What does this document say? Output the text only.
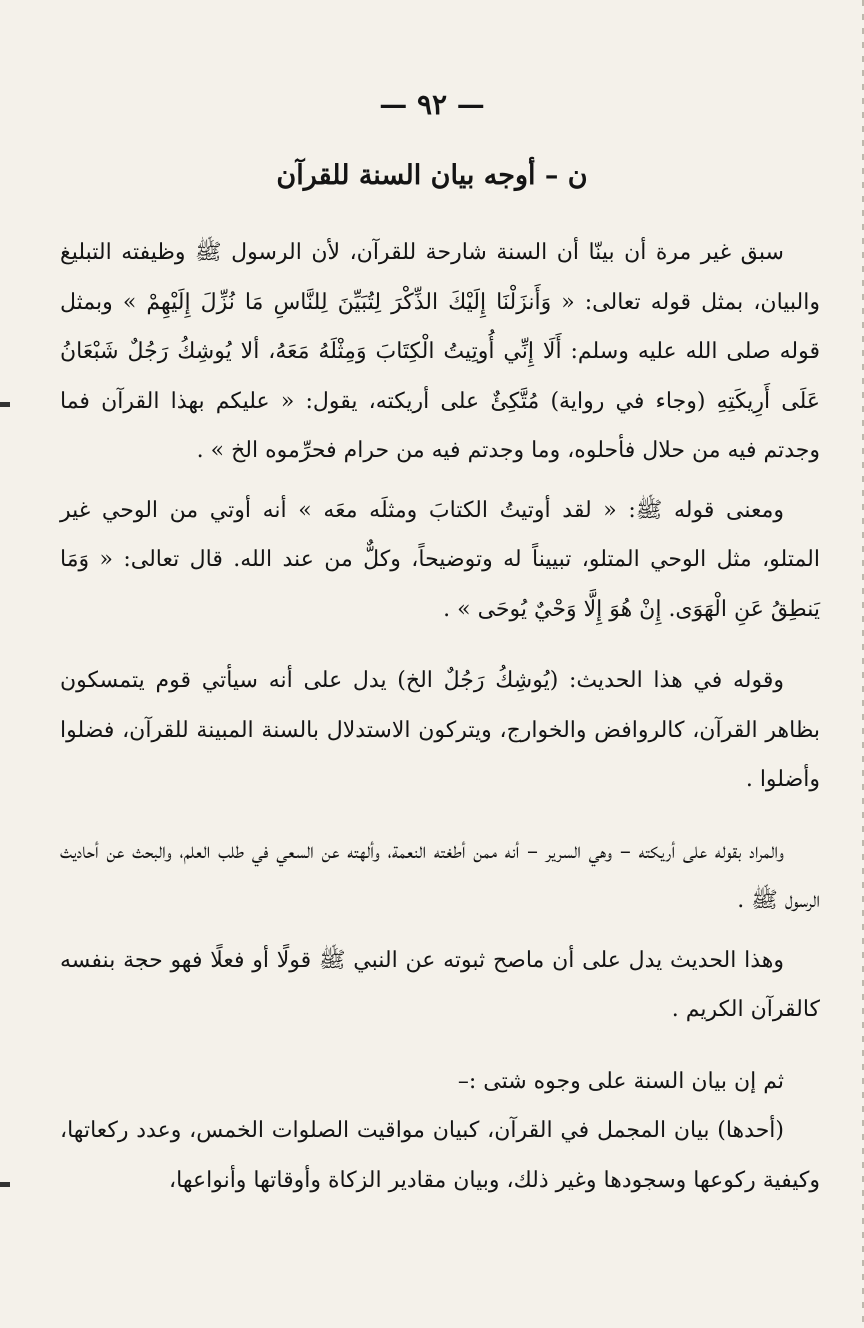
— ٩٢ —
ن – أوجه بيان السنة للقرآن

سبق غير مرة أن بينّا أن السنة شارحة للقرآن، لأن الرسول ﷺ وظيفته التبليغ والبيان، بمثل قوله تعالى: « وَأَنزَلْنَا إِلَيْكَ الذِّكْرَ لِتُبَيِّنَ لِلنَّاسِ مَا نُزِّلَ إِلَيْهِمْ » وبمثل قوله صلى الله عليه وسلم: أَلَا إِنِّي أُوتِيتُ الْكِتَابَ وَمِثْلَهُ مَعَهُ، ألا يُوشِكُ رَجُلٌ شَبْعَانُ عَلَى أَرِيكَتِهِ (وجاء في رواية) مُتَّكِئٌ على أريكته، يقول: « عليكم بهذا القرآن فما وجدتم فيه من حلال فأحلوه، وما وجدتم فيه من حرام فحرِّموه الخ » .

ومعنى قوله ﷺ: « لقد أوتيتُ الكتابَ ومثلَه معَه » أنه أوتي من الوحي غير المتلو، مثل الوحي المتلو، تبييناً له وتوضيحاً، وكلٌّ من عند الله. قال تعالى: « وَمَا يَنطِقُ عَنِ الْهَوَى. إِنْ هُوَ إِلَّا وَحْيٌ يُوحَى » .

وقوله في هذا الحديث: (يُوشِكُ رَجُلٌ الخ) يدل على أنه سيأتي قوم يتمسكون بظاهر القرآن، كالروافض والخوارج، ويتركون الاستدلال بالسنة المبينة للقرآن، فضلوا وأضلوا .

والمراد بقوله على أريكته – وهي السرير – أنه ممن أطغته النعمة، وألهته عن السعي في طلب العلم، والبحث عن أحاديث الرسول ﷺ .

وهذا الحديث يدل على أن ماصح ثبوته عن النبي ﷺ قولًا أو فعلًا فهو حجة بنفسه كالقرآن الكريم .

ثم إن بيان السنة على وجوه شتى :–

(أحدها) بيان المجمل في القرآن، كبيان مواقيت الصلوات الخمس، وعدد ركعاتها، وكيفية ركوعها وسجودها وغير ذلك، وبيان مقادير الزكاة وأوقاتها وأنواعها،
